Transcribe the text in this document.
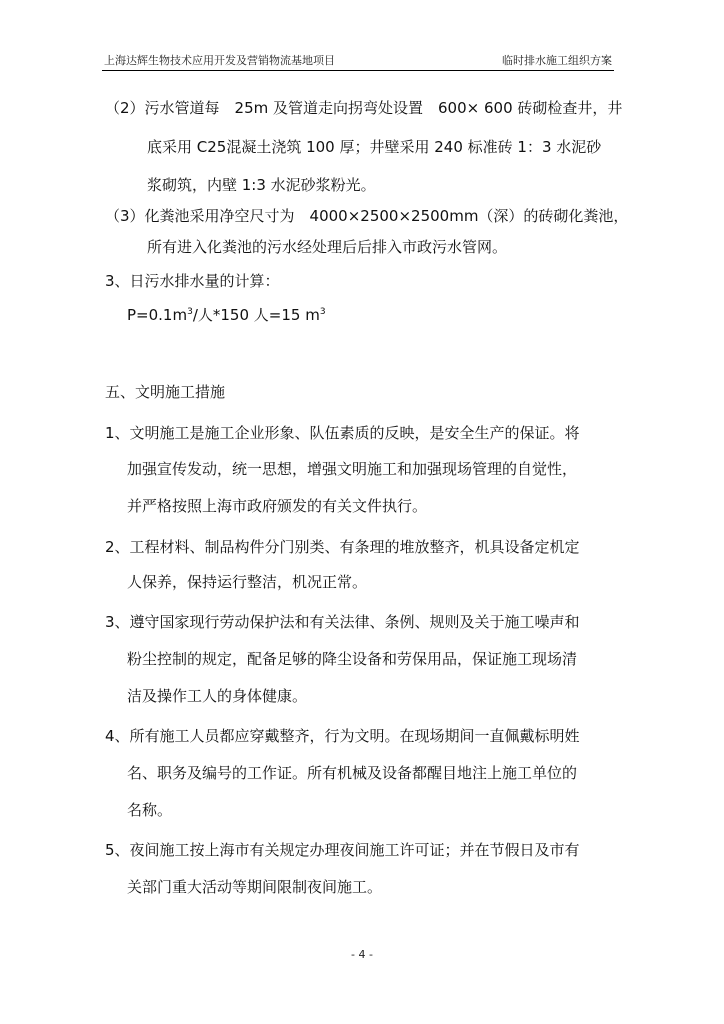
上海达辉生物技术应用开发及营销物流基地项目	临时排水施工组织方案
（2）污水管道每　25m 及管道走向拐弯处设置　600× 600 砖砌检查井，井
底采用 C25混凝土浇筑 100 厚；井壁采用 240 标准砖 1：3 水泥砂
浆砌筑，内壁 1:3 水泥砂浆粉光。
（3）化粪池采用净空尺寸为　4000×2500×2500mm（深）的砖砌化粪池，
所有进入化粪池的污水经处理后后排入市政污水管网。
3、日污水排水量的计算：
$P=0.1m^3/$人*150 人=15 $m^3$
五、文明施工措施
1、文明施工是施工企业形象、队伍素质的反映，是安全生产的保证。将
加强宣传发动，统一思想，增强文明施工和加强现场管理的自觉性，
并严格按照上海市政府颁发的有关文件执行。
2、工程材料、制品构件分门别类、有条理的堆放整齐，机具设备定机定
人保养，保持运行整洁，机况正常。
3、遵守国家现行劳动保护法和有关法律、条例、规则及关于施工噪声和
粉尘控制的规定，配备足够的降尘设备和劳保用品，保证施工现场清
洁及操作工人的身体健康。
4、所有施工人员都应穿戴整齐，行为文明。在现场期间一直佩戴标明姓
名、职务及编号的工作证。所有机械及设备都醒目地注上施工单位的
名称。
5、夜间施工按上海市有关规定办理夜间施工许可证；并在节假日及市有
关部门重大活动等期间限制夜间施工。
- 4 -
